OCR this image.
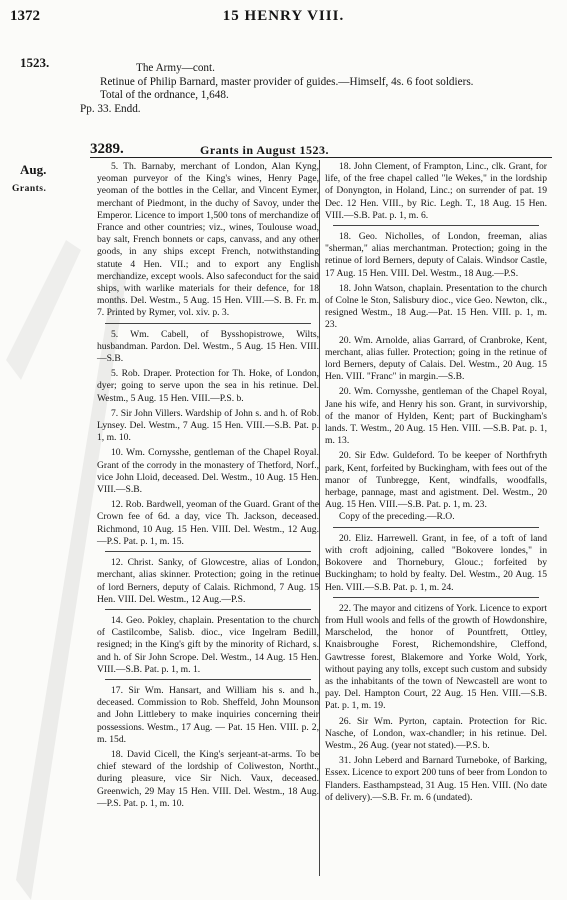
1372	15 HENRY VIII.
1523.	The Army—cont.

Retinue of Philip Barnard, master provider of guides.—Himself, 4s. 6 foot soldiers.

Total of the ordnance, 1,648.

Pp. 33. Endd.

3289.	Grants in August 1523.
Aug.
Grants.

5. Th. Barnaby, merchant of London, Alan Kyng, yeoman purveyor of the King's wines, Henry Page, yeoman of the bottles in the Cellar, and Vincent Eymer, merchant of Piedmont, in the duchy of Savoy, under the Emperor. Licence to import 1,500 tons of merchandize of France and other countries; viz., wines, Toulouse woad, bay salt, French bonnets or caps, canvass, and any other goods, in any ships except French, notwithstanding statute 4 Hen. VII.; and to export any English merchandize, except wools. Also safeconduct for the said ships, with warlike materials for their defence, for 18 months. Del. Westm., 5 Aug. 15 Hen. VIII.—S. B. Fr. m. 7. Printed by Rymer, vol. xiv. p. 3.

5. Wm. Cabell, of Bysshopistrowe, Wilts, husbandman. Pardon. Del. Westm., 5 Aug. 15 Hen. VIII.—S.B.

5. Rob. Draper. Protection for Th. Hoke, of London, dyer; going to serve upon the sea in his retinue. Del. Westm., 5 Aug. 15 Hen. VIII.—P.S. b.

7. Sir John Villers. Wardship of John s. and h. of Rob. Lynsey. Del. Westm., 7 Aug. 15 Hen. VIII.—S.B. Pat. p. 1, m. 10.

10. Wm. Cornysshe, gentleman of the Chapel Royal. Grant of the corrody in the monastery of Thetford, Norf., vice John Lloid, deceased. Del. Westm., 10 Aug. 15 Hen. VIII.—S.B.

12. Rob. Bardwell, yeoman of the Guard. Grant of the Crown fee of 6d. a day, vice Th. Jackson, deceased. Richmond, 10 Aug. 15 Hen. VIII. Del. Westm., 12 Aug.—P.S. Pat. p. 1, m. 15.

12. Christ. Sanky, of Glowcestre, alias of London, merchant, alias skinner. Protection; going in the retinue of lord Berners, deputy of Calais. Richmond, 7 Aug. 15 Hen. VIII. Del. Westm., 12 Aug.—P.S.

14. Geo. Pokley, chaplain. Presentation to the church of Castilcombe, Salisb. dioc., vice Ingelram Bedill, resigned; in the King's gift by the minority of Richard, s. and h. of Sir John Scrope. Del. Westm., 14 Aug. 15 Hen. VIII.—S.B. Pat. p. 1, m. 1.

17. Sir Wm. Hansart, and William his s. and h., deceased. Commission to Rob. Sheffeld, John Mounson and John Littlebery to make inquiries concerning their possessions. Westm., 17 Aug. — Pat. 15 Hen. VIII. p. 2, m. 15d.

18. David Cicell, the King's serjeant-at-arms. To be chief steward of the lordship of Coliweston, Northt., during pleasure, vice Sir Nich. Vaux, deceased. Greenwich, 29 May 15 Hen. VIII. Del. Westm., 18 Aug.—P.S. Pat. p. 1, m. 10.

18. John Clement, of Frampton, Linc., clk. Grant, for life, of the free chapel called "le Wekes," in the lordship of Donyngton, in Holand, Linc.; on surrender of pat. 19 Dec. 12 Hen. VIII., by Ric. Legh. T., 18 Aug. 15 Hen. VIII.—S.B. Pat. p. 1, m. 6.

18. Geo. Nicholles, of London, freeman, alias "sherman," alias merchantman. Protection; going in the retinue of lord Berners, deputy of Calais. Windsor Castle, 17 Aug. 15 Hen. VIII. Del. Westm., 18 Aug.—P.S.

18. John Watson, chaplain. Presentation to the church of Colne le Ston, Salisbury dioc., vice Geo. Newton, clk., resigned Westm., 18 Aug.—Pat. 15 Hen. VIII. p. 1, m. 23.

20. Wm. Arnolde, alias Garrard, of Cranbroke, Kent, merchant, alias fuller. Protection; going in the retinue of lord Berners, deputy of Calais. Del. Westm., 20 Aug. 15 Hen. VIII. "Franc" in margin.—S.B.

20. Wm. Cornysshe, gentleman of the Chapel Royal, Jane his wife, and Henry his son. Grant, in survivorship, of the manor of Hylden, Kent; part of Buckingham's lands. T. Westm., 20 Aug. 15 Hen. VIII. —S.B. Pat. p. 1, m. 13.

20. Sir Edw. Guldeford. To be keeper of Northfryth park, Kent, forfeited by Buckingham, with fees out of the manor of Tunbregge, Kent, windfalls, woodfalls, herbage, pannage, mast and agistment. Del. Westm., 20 Aug. 15 Hen. VIII.—S.B. Pat. p. 1, m. 23.

Copy of the preceding.—R.O.

20. Eliz. Harrewell. Grant, in fee, of a toft of land with croft adjoining, called "Bokovere londes," in Bokovere and Thornebury, Glouc.; forfeited by Buckingham; to hold by fealty. Del. Westm., 20 Aug. 15 Hen. VIII.—S.B. Pat. p. 1, m. 24.

22. The mayor and citizens of York. Licence to export from Hull wools and fells of the growth of Howdonshire, Marschelod, the honor of Pountfrett, Ottley, Knaisbroughe Forest, Richemondshire, Cleffond, Gawtresse forest, Blakemore and Yorke Wold, York, without paying any tolls, except such custom and subsidy as the inhabitants of the town of Newcastell are wont to pay. Del. Hampton Court, 22 Aug. 15 Hen. VIII.—S.B. Pat. p. 1, m. 19.

26. Sir Wm. Pyrton, captain. Protection for Ric. Nasche, of London, wax-chandler; in his retinue. Del. Westm., 26 Aug. (year not stated).—P.S. b.

31. John Leberd and Barnard Turneboke, of Barking, Essex. Licence to export 200 tuns of beer from London to Flanders. Easthampstead, 31 Aug. 15 Hen. VIII. (No date of delivery).—S.B. Fr. m. 6 (undated).
